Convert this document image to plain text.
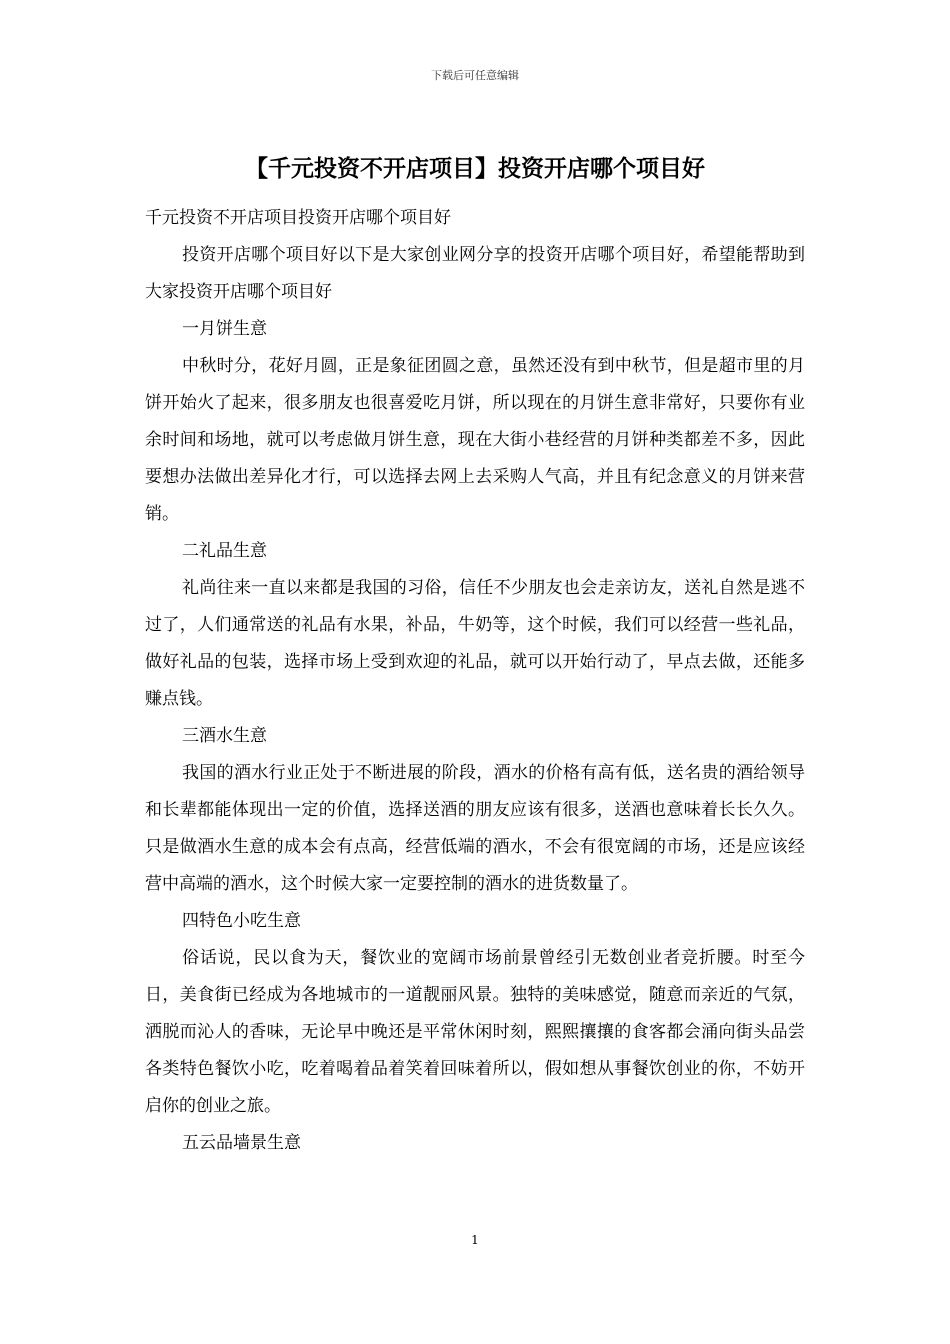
下载后可任意编辑
【千元投资不开店项目】投资开店哪个项目好

千元投资不开店项目投资开店哪个项目好

投资开店哪个项目好以下是大家创业网分享的投资开店哪个项目好，希望能帮助到大家投资开店哪个项目好

一月饼生意

中秋时分，花好月圆，正是象征团圆之意，虽然还没有到中秋节，但是超市里的月饼开始火了起来，很多朋友也很喜爱吃月饼，所以现在的月饼生意非常好，只要你有业余时间和场地，就可以考虑做月饼生意，现在大街小巷经营的月饼种类都差不多，因此要想办法做出差异化才行，可以选择去网上去采购人气高，并且有纪念意义的月饼来营销。

二礼品生意

礼尚往来一直以来都是我国的习俗，信任不少朋友也会走亲访友，送礼自然是逃不过了，人们通常送的礼品有水果，补品，牛奶等，这个时候，我们可以经营一些礼品，做好礼品的包装，选择市场上受到欢迎的礼品，就可以开始行动了，早点去做，还能多赚点钱。

三酒水生意

我国的酒水行业正处于不断进展的阶段，酒水的价格有高有低，送名贵的酒给领导和长辈都能体现出一定的价值，选择送酒的朋友应该有很多，送酒也意味着长长久久。只是做酒水生意的成本会有点高，经营低端的酒水，不会有很宽阔的市场，还是应该经营中高端的酒水，这个时候大家一定要控制的酒水的进货数量了。

四特色小吃生意

俗话说，民以食为天，餐饮业的宽阔市场前景曾经引无数创业者竞折腰。时至今日，美食街已经成为各地城市的一道靓丽风景。独特的美味感觉，随意而亲近的气氛，洒脱而沁人的香味，无论早中晚还是平常休闲时刻，熙熙攘攘的食客都会涌向街头品尝各类特色餐饮小吃，吃着喝着品着笑着回味着所以，假如想从事餐饮创业的你，不妨开启你的创业之旅。

五云品墙景生意

1
